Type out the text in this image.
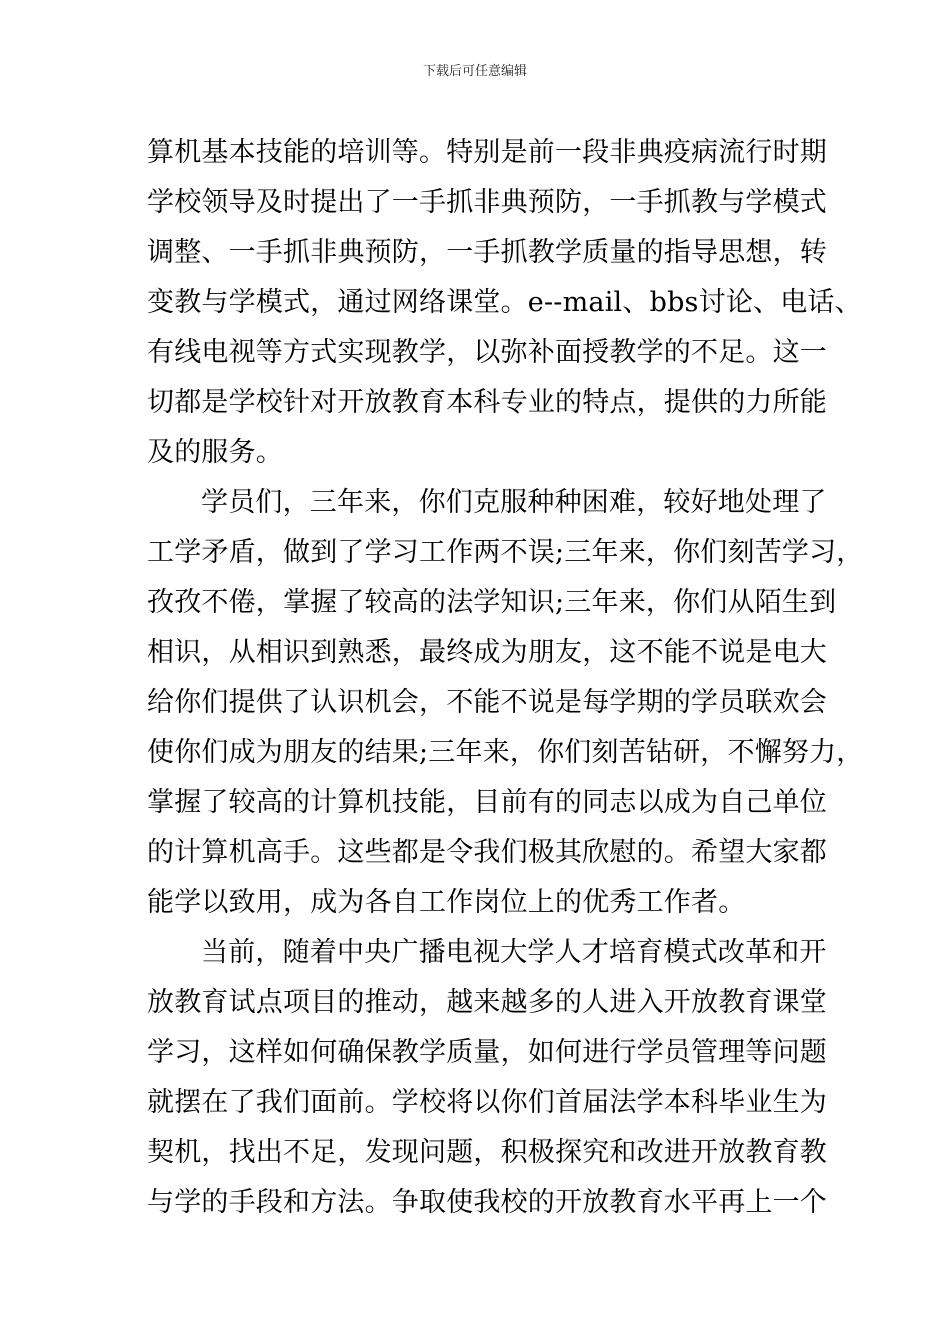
下载后可任意编辑
算机基本技能的培训等。特别是前一段非典疫病流行时期
学校领导及时提出了一手抓非典预防，一手抓教与学模式
调整、一手抓非典预防，一手抓教学质量的指导思想，转
变教与学模式，通过网络课堂。e--mail、bbs讨论、电话、
有线电视等方式实现教学，以弥补面授教学的不足。这一
切都是学校针对开放教育本科专业的特点，提供的力所能
及的服务。
学员们，三年来，你们克服种种困难，较好地处理了
工学矛盾，做到了学习工作两不误;三年来，你们刻苦学习，
孜孜不倦，掌握了较高的法学知识;三年来，你们从陌生到
相识，从相识到熟悉，最终成为朋友，这不能不说是电大
给你们提供了认识机会，不能不说是每学期的学员联欢会
使你们成为朋友的结果;三年来，你们刻苦钻研，不懈努力，
掌握了较高的计算机技能，目前有的同志以成为自己单位
的计算机高手。这些都是令我们极其欣慰的。希望大家都
能学以致用，成为各自工作岗位上的优秀工作者。
当前，随着中央广播电视大学人才培育模式改革和开
放教育试点项目的推动，越来越多的人进入开放教育课堂
学习，这样如何确保教学质量，如何进行学员管理等问题
就摆在了我们面前。学校将以你们首届法学本科毕业生为
契机，找出不足，发现问题，积极探究和改进开放教育教
与学的手段和方法。争取使我校的开放教育水平再上一个
